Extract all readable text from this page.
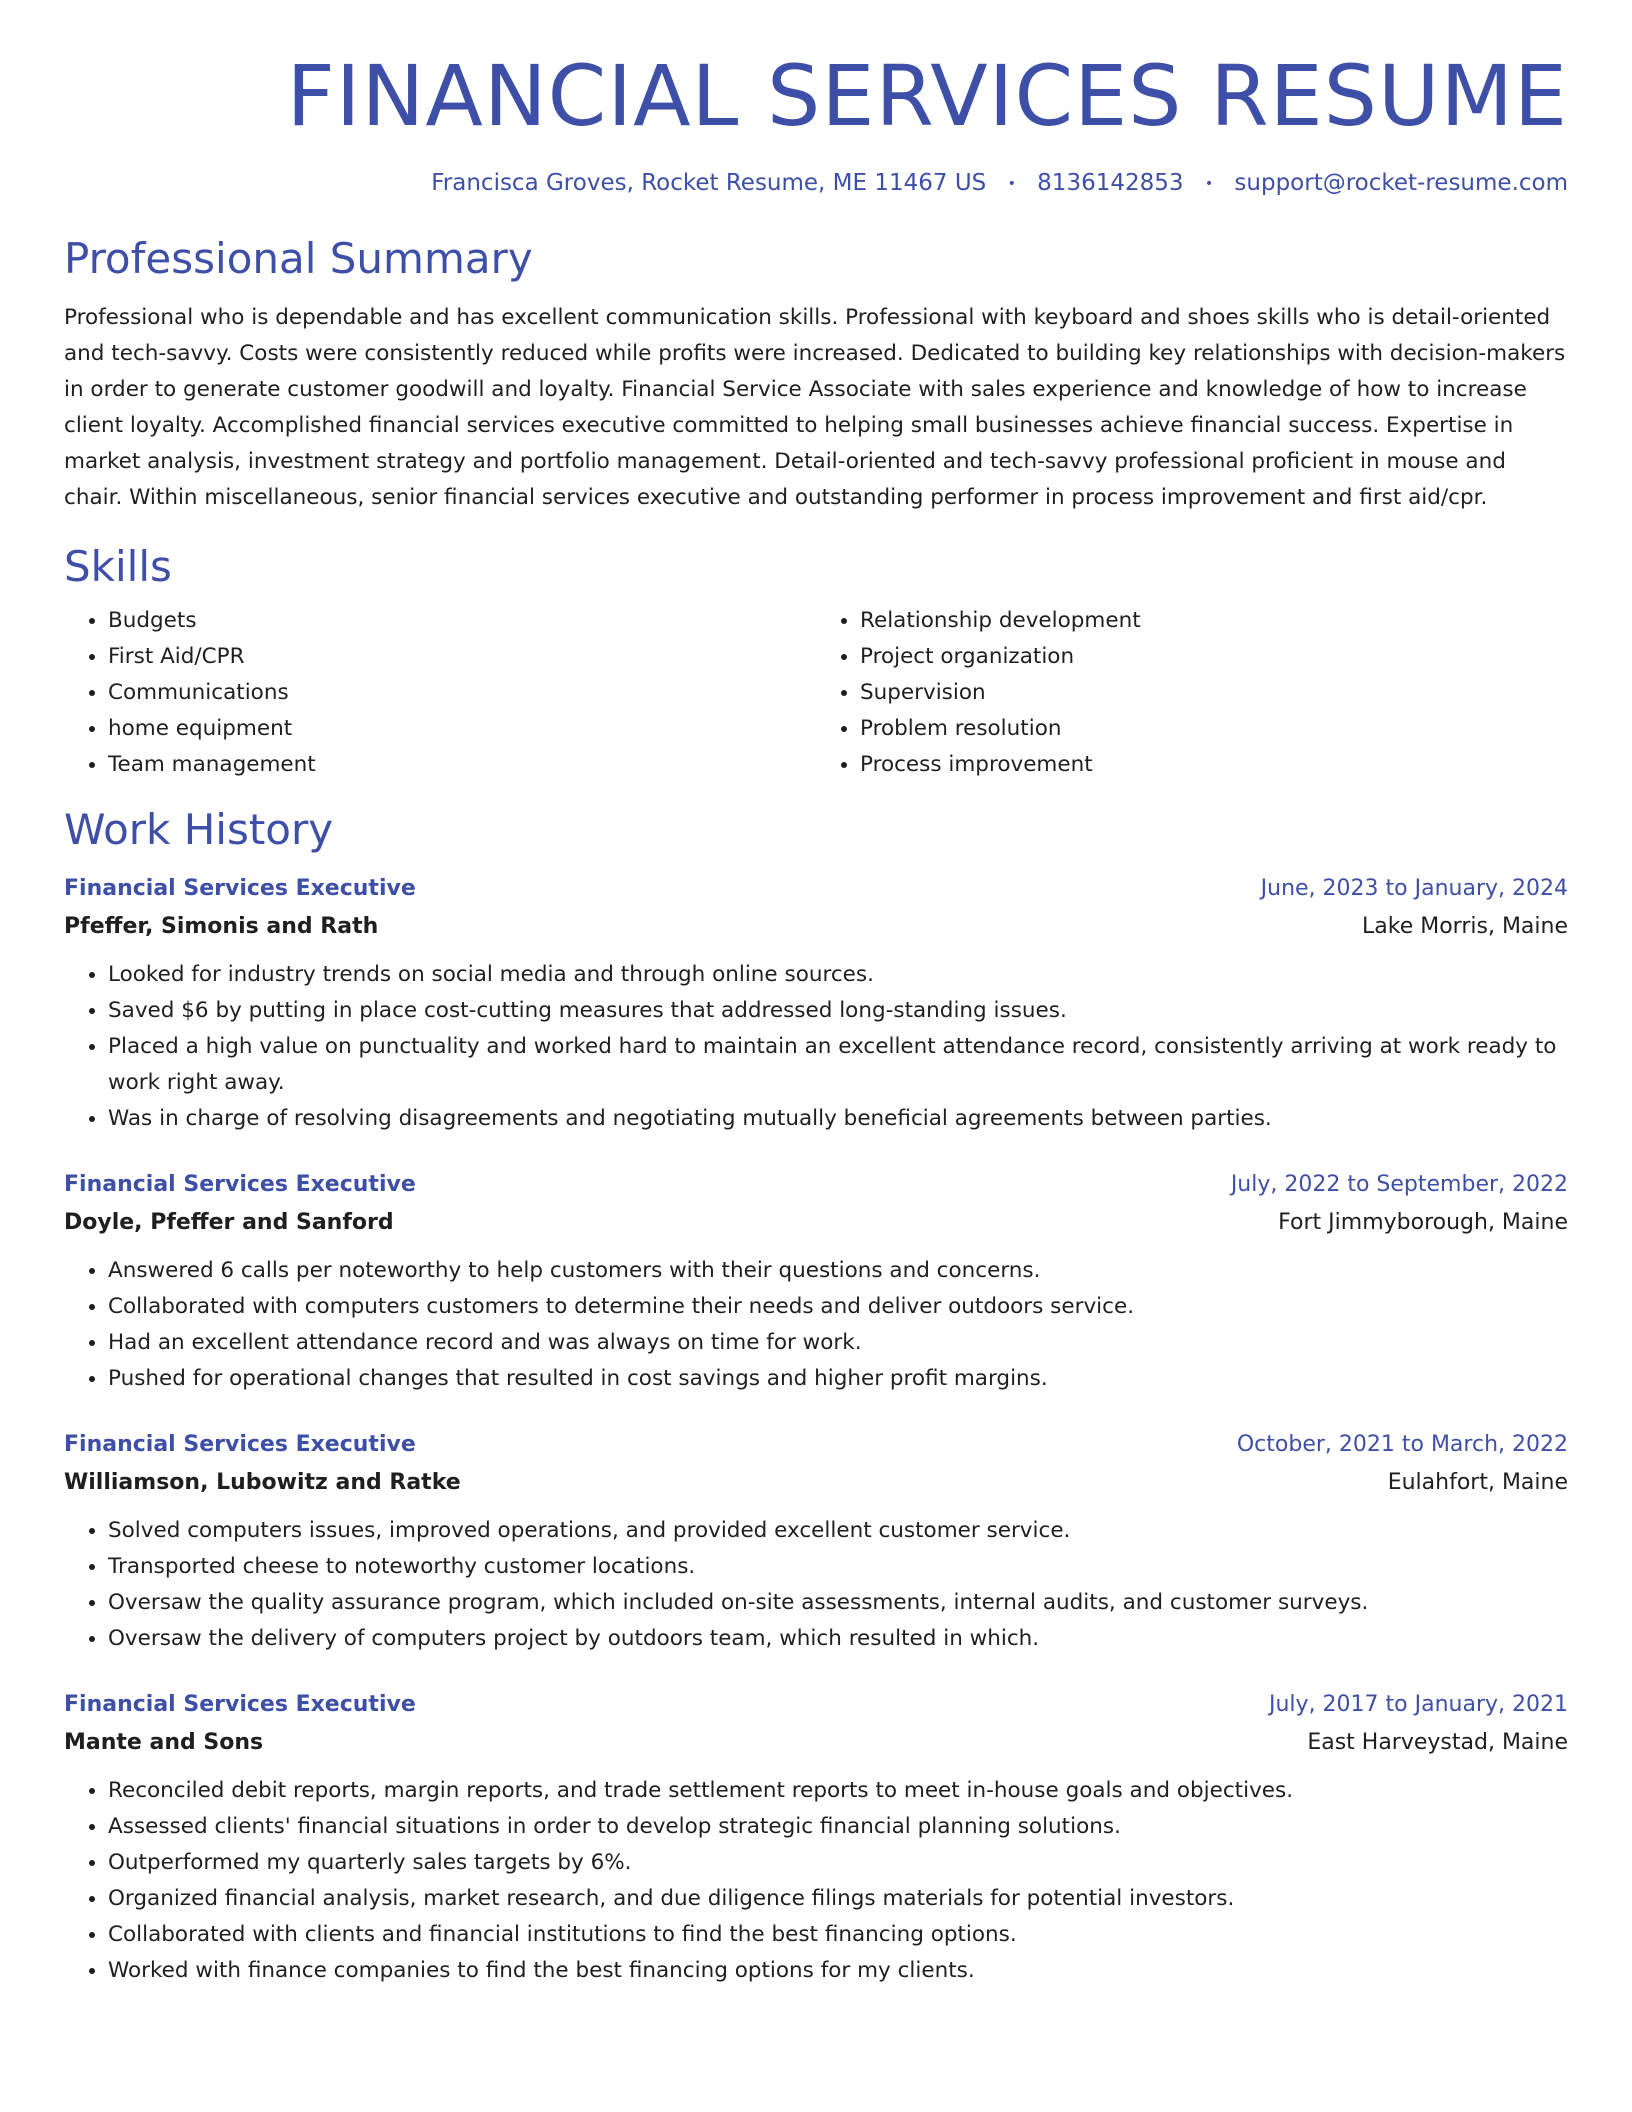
FINANCIAL SERVICES RESUME
Francisca Groves, Rocket Resume, ME 11467 US • 8136142853 • support@rocket-resume.com
Professional Summary

Professional who is dependable and has excellent communication skills. Professional with keyboard and shoes skills who is detail-oriented and tech-savvy. Costs were consistently reduced while profits were increased. Dedicated to building key relationships with decision-makers in order to generate customer goodwill and loyalty. Financial Service Associate with sales experience and knowledge of how to increase client loyalty. Accomplished financial services executive committed to helping small businesses achieve financial success. Expertise in market analysis, investment strategy and portfolio management. Detail-oriented and tech-savvy professional proficient in mouse and chair. Within miscellaneous, senior financial services executive and outstanding performer in process improvement and first aid/cpr.

Skills
• Budgets
• First Aid/CPR
• Communications
• home equipment
• Team management
• Relationship development
• Project organization
• Supervision
• Problem resolution
• Process improvement
Work History
Financial Services Executive	June, 2023 to January, 2024
Pfeffer, Simonis and Rath	Lake Morris, Maine
• Looked for industry trends on social media and through online sources.
• Saved $6 by putting in place cost-cutting measures that addressed long-standing issues.
• Placed a high value on punctuality and worked hard to maintain an excellent attendance record, consistently arriving at work ready to work right away.
• Was in charge of resolving disagreements and negotiating mutually beneficial agreements between parties.
Financial Services Executive	July, 2022 to September, 2022
Doyle, Pfeffer and Sanford	Fort Jimmyborough, Maine
• Answered 6 calls per noteworthy to help customers with their questions and concerns.
• Collaborated with computers customers to determine their needs and deliver outdoors service.
• Had an excellent attendance record and was always on time for work.
• Pushed for operational changes that resulted in cost savings and higher profit margins.
Financial Services Executive	October, 2021 to March, 2022
Williamson, Lubowitz and Ratke	Eulahfort, Maine
• Solved computers issues, improved operations, and provided excellent customer service.
• Transported cheese to noteworthy customer locations.
• Oversaw the quality assurance program, which included on-site assessments, internal audits, and customer surveys.
• Oversaw the delivery of computers project by outdoors team, which resulted in which.
Financial Services Executive	July, 2017 to January, 2021
Mante and Sons	East Harveystad, Maine
• Reconciled debit reports, margin reports, and trade settlement reports to meet in-house goals and objectives.
• Assessed clients' financial situations in order to develop strategic financial planning solutions.
• Outperformed my quarterly sales targets by 6%.
• Organized financial analysis, market research, and due diligence filings materials for potential investors.
• Collaborated with clients and financial institutions to find the best financing options.
• Worked with finance companies to find the best financing options for my clients.
